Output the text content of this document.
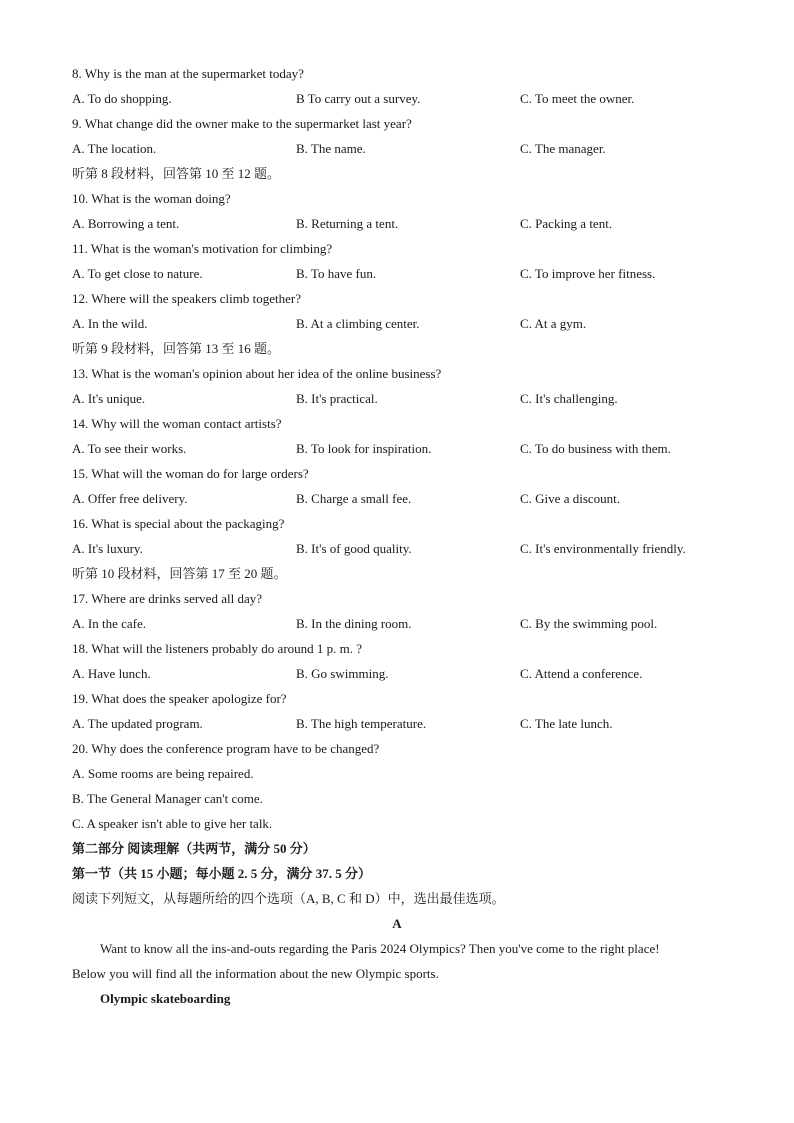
8. Why is the man at the supermarket today?
A. To do shopping.	B To carry out a survey.	C. To meet the owner.
9. What change did the owner make to the supermarket last year?
A. The location.	B. The name.	C. The manager.
听第 8 段材料，回答第 10 至 12 题。
10. What is the woman doing?
A. Borrowing a tent.	B. Returning a tent.	C. Packing a tent.
11. What is the woman's motivation for climbing?
A. To get close to nature.	B. To have fun.	C. To improve her fitness.
12. Where will the speakers climb together?
A. In the wild.	B. At a climbing center.	C. At a gym.
听第 9 段材料，回答第 13 至 16 题。
13. What is the woman's opinion about her idea of the online business?
A. It's unique.	B. It's practical.	C. It's challenging.
14. Why will the woman contact artists?
A. To see their works.	B. To look for inspiration.	C. To do business with them.
15. What will the woman do for large orders?
A. Offer free delivery.	B. Charge a small fee.	C. Give a discount.
16. What is special about the packaging?
A. It's luxury.	B. It's of good quality.	C. It's environmentally friendly.
听第 10 段材料，回答第 17 至 20 题。
17. Where are drinks served all day?
A. In the cafe.	B. In the dining room.	C. By the swimming pool.
18. What will the listeners probably do around 1 p. m. ?
A. Have lunch.	B. Go swimming.	C. Attend a conference.
19. What does the speaker apologize for?
A. The updated program.	B. The high temperature.	C. The late lunch.
20. Why does the conference program have to be changed?
A. Some rooms are being repaired.
B. The General Manager can't come.
C. A speaker isn't able to give her talk.
第二部分 阅读理解（共两节，满分 50 分）
第一节（共 15 小题；每小题 2. 5 分，满分 37. 5 分）
阅读下列短文，从每题所给的四个选项（A, B, C 和 D）中，选出最佳选项。
A
Want to know all the ins-and-outs regarding the Paris 2024 Olympics? Then you've come to the right place!
Below you will find all the information about the new Olympic sports.
Olympic skateboarding
